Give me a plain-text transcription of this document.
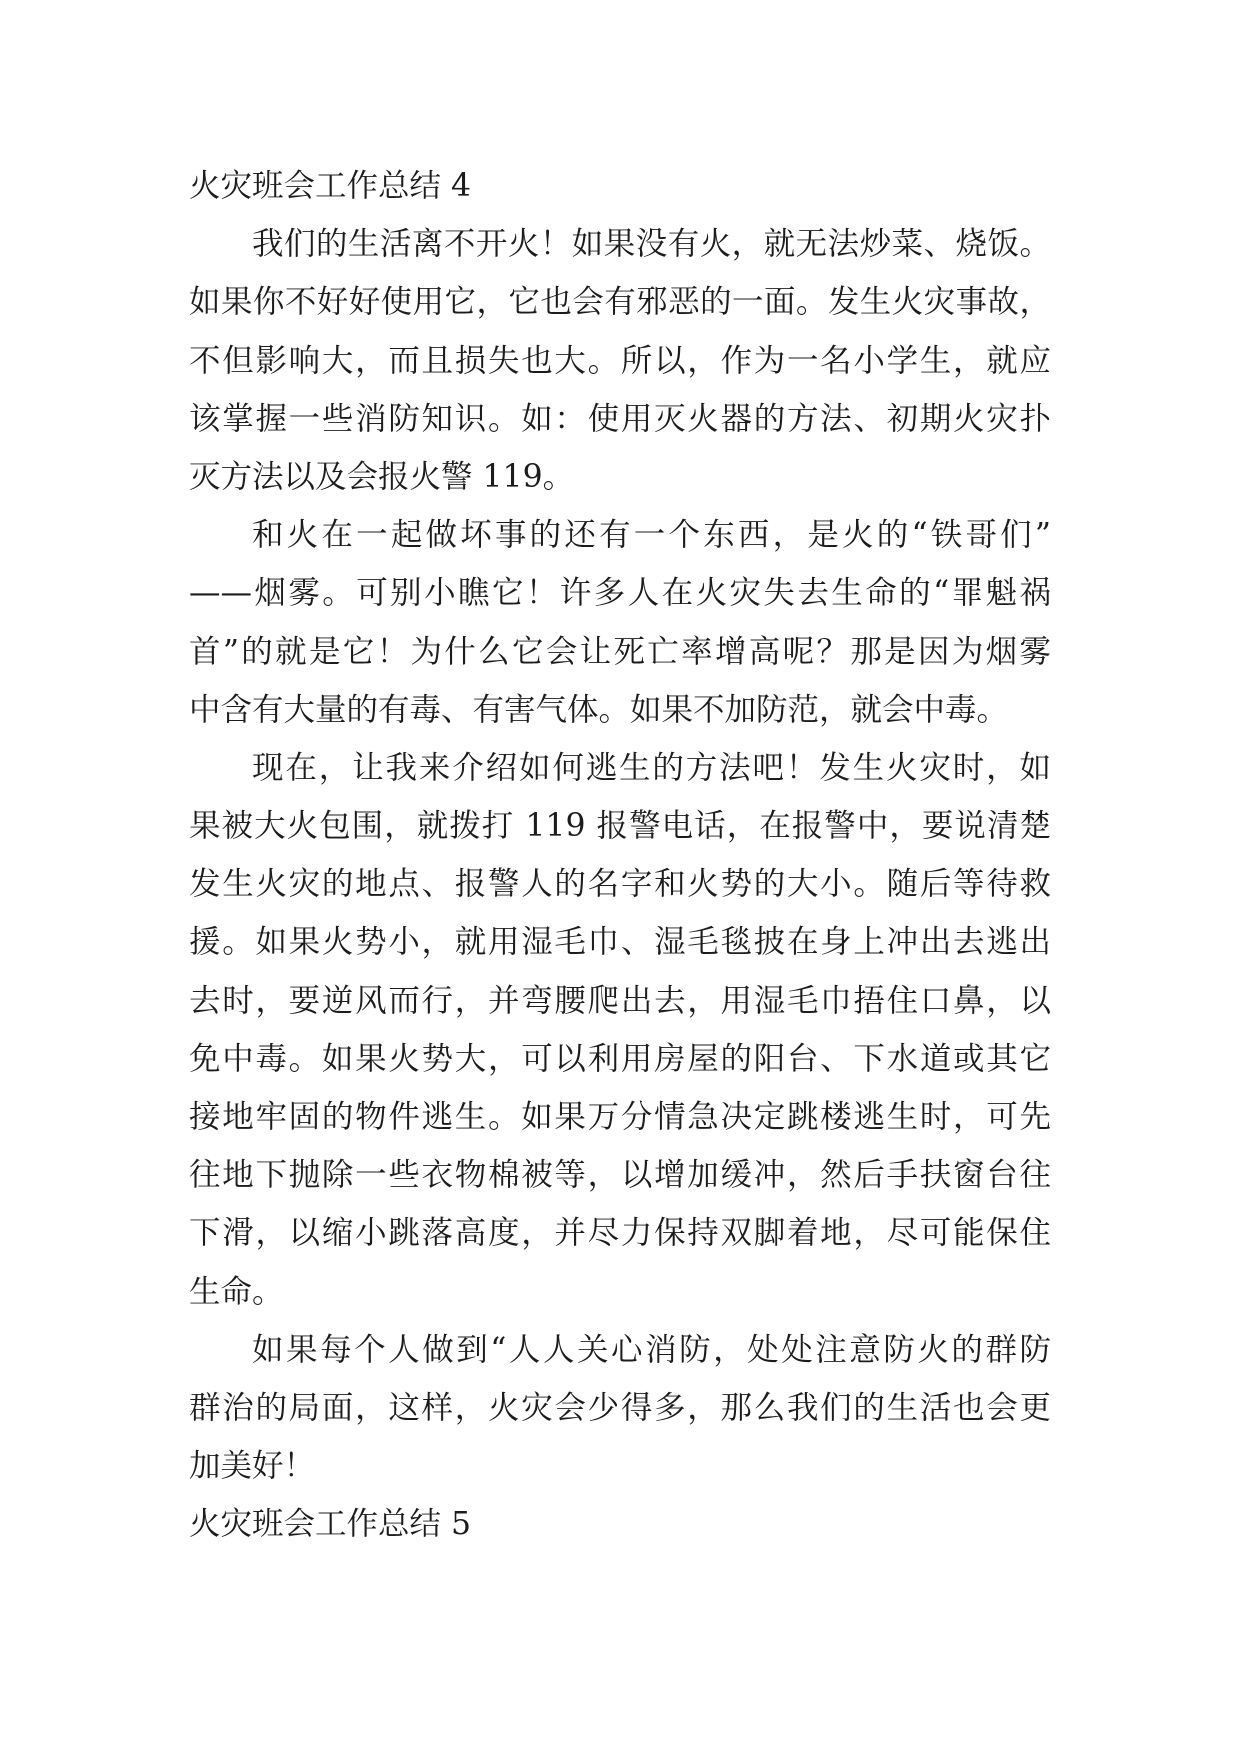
火灾班会工作总结 4
我们的生活离不开火！如果没有火，就无法炒菜、烧饭。
如果你不好好使用它，它也会有邪恶的一面。发生火灾事故，
不但影响大，而且损失也大。所以，作为一名小学生，就应
该掌握一些消防知识。如：使用灭火器的方法、初期火灾扑
灭方法以及会报火警 119。
和火在一起做坏事的还有一个东西，是火的“铁哥们”
——烟雾。可别小瞧它！许多人在火灾失去生命的“罪魁祸
首”的就是它！为什么它会让死亡率增高呢？那是因为烟雾
中含有大量的有毒、有害气体。如果不加防范，就会中毒。
现在，让我来介绍如何逃生的方法吧！发生火灾时，如
果被大火包围，就拨打 119 报警电话，在报警中，要说清楚
发生火灾的地点、报警人的名字和火势的大小。随后等待救
援。如果火势小，就用湿毛巾、湿毛毯披在身上冲出去逃出
去时，要逆风而行，并弯腰爬出去，用湿毛巾捂住口鼻，以
免中毒。如果火势大，可以利用房屋的阳台、下水道或其它
接地牢固的物件逃生。如果万分情急决定跳楼逃生时，可先
往地下抛除一些衣物棉被等，以增加缓冲，然后手扶窗台往
下滑，以缩小跳落高度，并尽力保持双脚着地，尽可能保住
生命。
如果每个人做到“人人关心消防，处处注意防火的群防
群治的局面，这样，火灾会少得多，那么我们的生活也会更
加美好！
火灾班会工作总结 5
